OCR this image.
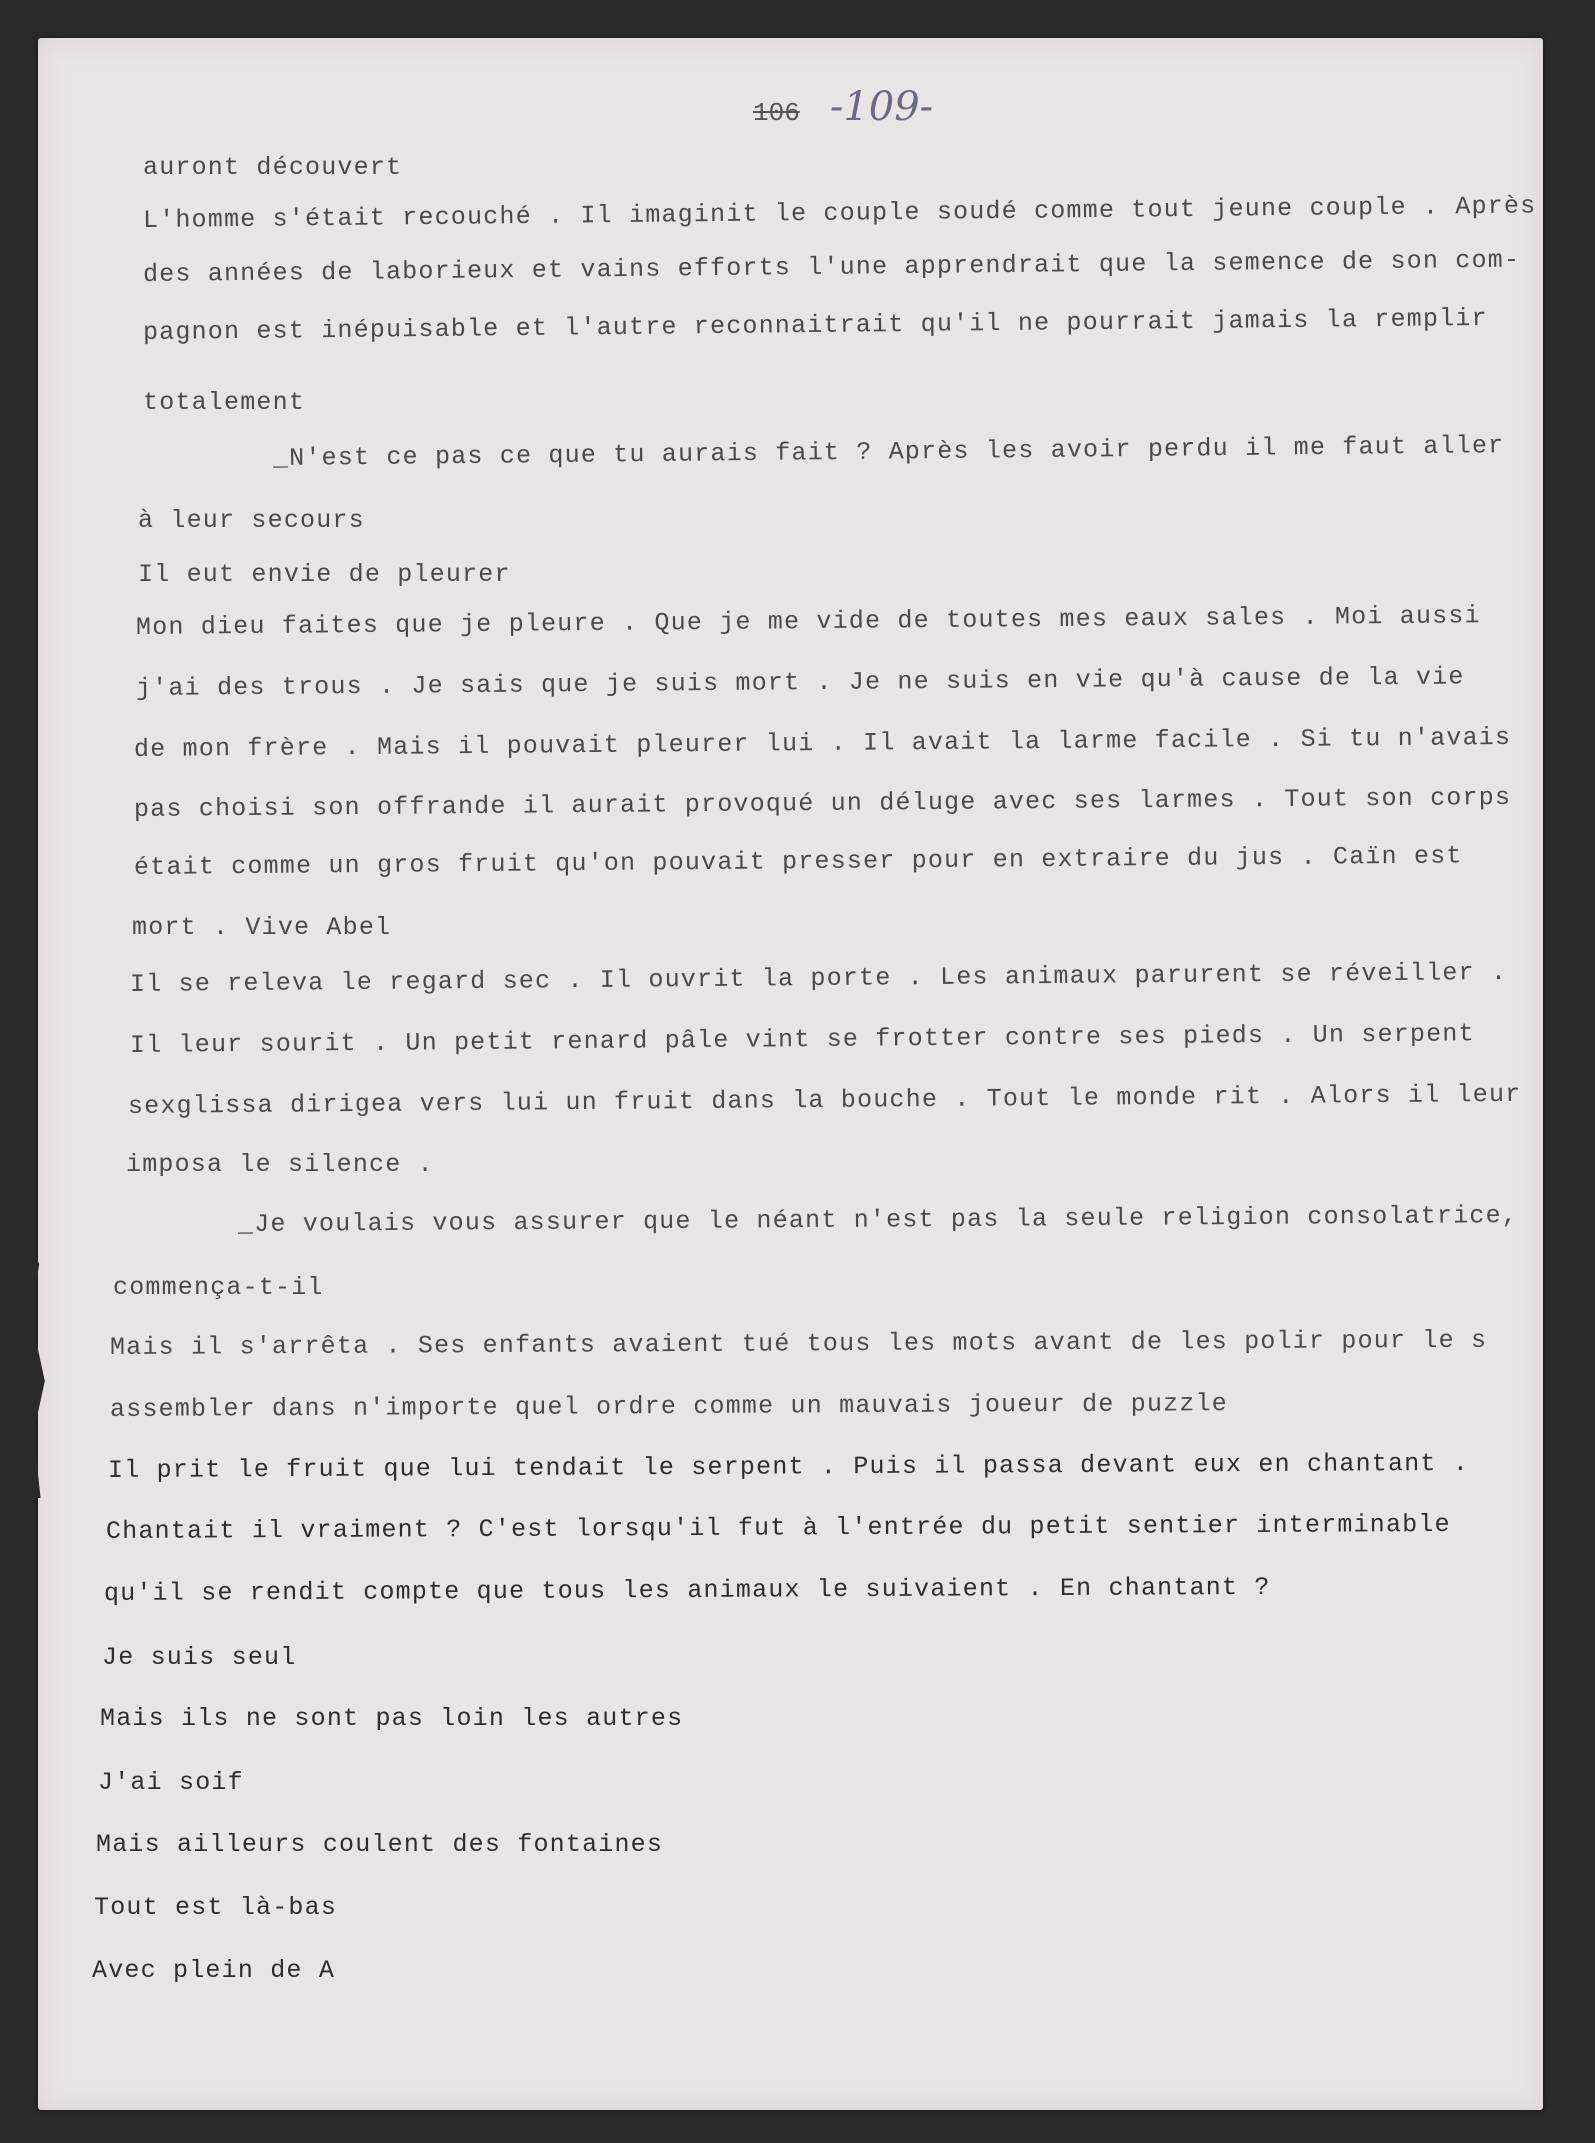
106 -109-
auront découvert
L'homme s'était recouché . Il imaginit le couple soudé comme tout jeune couple . Après
des années de laborieux et vains efforts l'une apprendrait que la semence de son com-
pagnon est inépuisable et l'autre reconnaitrait qu'il ne pourrait jamais la remplir
totalement
_N'est ce pas ce que tu aurais fait ? Après les avoir perdu il me faut aller
à leur secours
Il eut envie de pleurer
Mon dieu faites que je pleure . Que je me vide de toutes mes eaux sales . Moi aussi
j'ai des trous . Je sais que je suis mort . Je ne suis en vie qu'à cause de la vie
de mon frère . Mais il pouvait pleurer lui . Il avait la larme facile . Si tu n'avais
pas choisi son offrande il aurait provoqué un déluge avec ses larmes . Tout son corps
était comme un gros fruit qu'on pouvait presser pour en extraire du jus . Caïn est
mort . Vive Abel
Il se releva le regard sec . Il ouvrit la porte . Les animaux parurent se réveiller .
Il leur sourit . Un petit renard pâle vint se frotter contre ses pieds . Un serpent
sexglissa dirigea vers lui un fruit dans la bouche . Tout le monde rit . Alors il leur
imposa le silence .
_Je voulais vous assurer que le néant n'est pas la seule religion consolatrice,
commença-t-il
Mais il s'arrêta . Ses enfants avaient tué tous les mots avant de les polir pour le s
assembler dans n'importe quel ordre comme un mauvais joueur de puzzle
Il prit le fruit que lui tendait le serpent . Puis il passa devant eux en chantant .
Chantait il vraiment ? C'est lorsqu'il fut à l'entrée du petit sentier interminable
qu'il se rendit compte que tous les animaux le suivaient . En chantant ?
Je suis seul
Mais ils ne sont pas loin les autres
J'ai soif
Mais ailleurs coulent des fontaines
Tout est là-bas
Avec plein de A
